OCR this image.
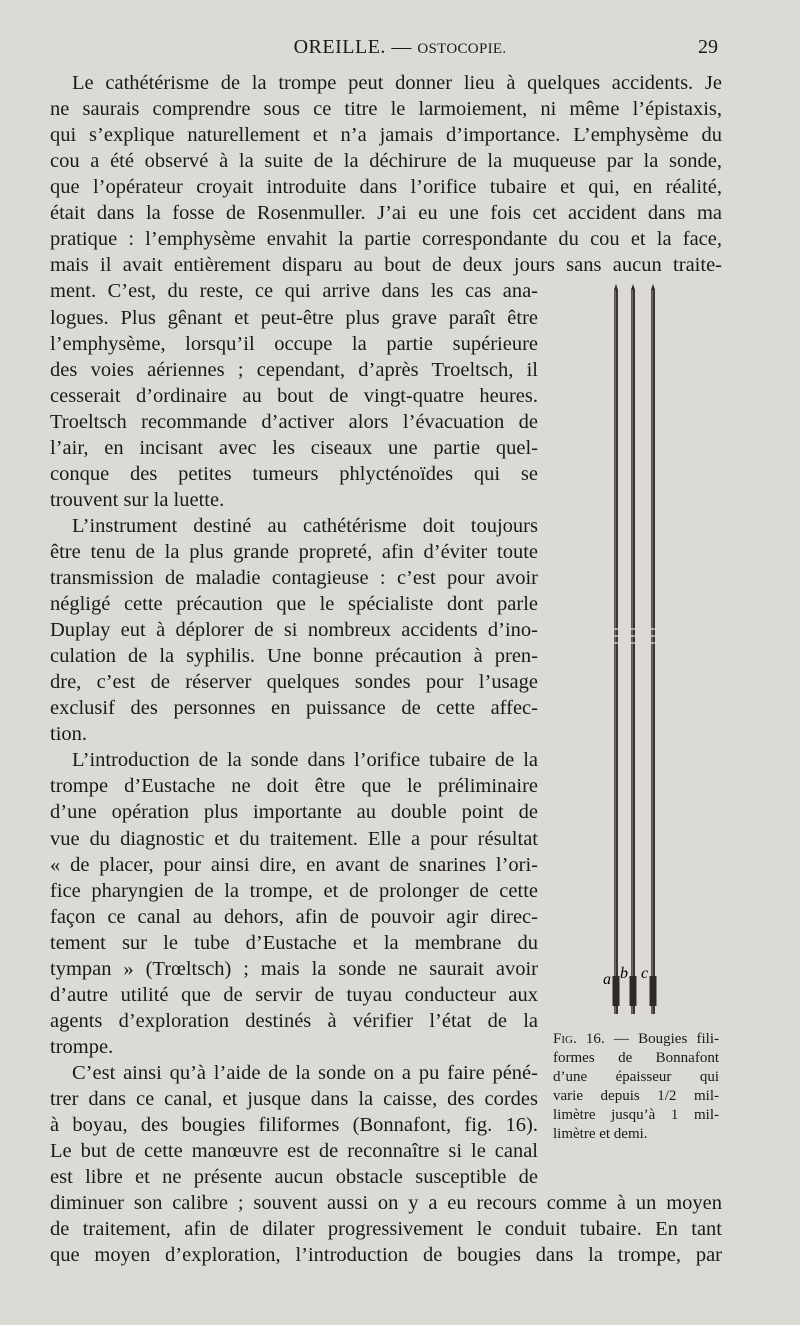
OREILLE. — OSTOCOPIE.	29
Le cathétérisme de la trompe peut donner lieu à quelques accidents. Je
ne saurais comprendre sous ce titre le larmoiement, ni même l’épistaxis,
qui s’explique naturellement et n’a jamais d’importance. L’emphysème du
cou a été observé à la suite de la déchirure de la muqueuse par la sonde,
que l’opérateur croyait introduite dans l’orifice tubaire et qui, en réalité,
était dans la fosse de Rosenmuller. J’ai eu une fois cet accident dans ma
pratique : l’emphysème envahit la partie correspondante du cou et la face,
mais il avait entièrement disparu au bout de deux jours sans aucun traite-
ment. C’est, du reste, ce qui arrive dans les cas ana-
logues. Plus gênant et peut-être plus grave paraît être
l’emphysème, lorsqu’il occupe la partie supérieure
des voies aériennes ; cependant, d’après Troeltsch, il
cesserait d’ordinaire au bout de vingt-quatre heures.
Troeltsch recommande d’activer alors l’évacuation de
l’air, en incisant avec les ciseaux une partie quel-
conque des petites tumeurs phlycténoïdes qui se
trouvent sur la luette.
L’instrument destiné au cathétérisme doit toujours
être tenu de la plus grande propreté, afin d’éviter toute
transmission de maladie contagieuse : c’est pour avoir
négligé cette précaution que le spécialiste dont parle
Duplay eut à déplorer de si nombreux accidents d’ino-
culation de la syphilis. Une bonne précaution à pren-
dre, c’est de réserver quelques sondes pour l’usage
exclusif des personnes en puissance de cette affec-
tion.
L’introduction de la sonde dans l’orifice tubaire de la
trompe d’Eustache ne doit être que le préliminaire
d’une opération plus importante au double point de
vue du diagnostic et du traitement. Elle a pour résultat
« de placer, pour ainsi dire, en avant de snarines l’ori-
fice pharyngien de la trompe, et de prolonger de cette
façon ce canal au dehors, afin de pouvoir agir direc-
tement sur le tube d’Eustache et la membrane du
tympan » (Trœltsch) ; mais la sonde ne saurait avoir
d’autre utilité que de servir de tuyau conducteur aux
agents d’exploration destinés à vérifier l’état de la
trompe.
C’est ainsi qu’à l’aide de la sonde on a pu faire péné-
trer dans ce canal, et jusque dans la caisse, des cordes
à boyau, des bougies filiformes (Bonnafont, fig. 16).
Le but de cette manœuvre est de reconnaître si le canal
est libre et ne présente aucun obstacle susceptible de
diminuer son calibre ; souvent aussi on y a eu recours comme à un moyen
de traitement, afin de dilater progressivement le conduit tubaire. En tant
que moyen d’exploration, l’introduction de bougies dans la trompe, par
a b c
Fig. 16. — Bougies fili-
formes de Bonnafont
d’une épaisseur qui
varie depuis 1/2 mil-
limètre jusqu’à 1 mil-
limètre et demi.
